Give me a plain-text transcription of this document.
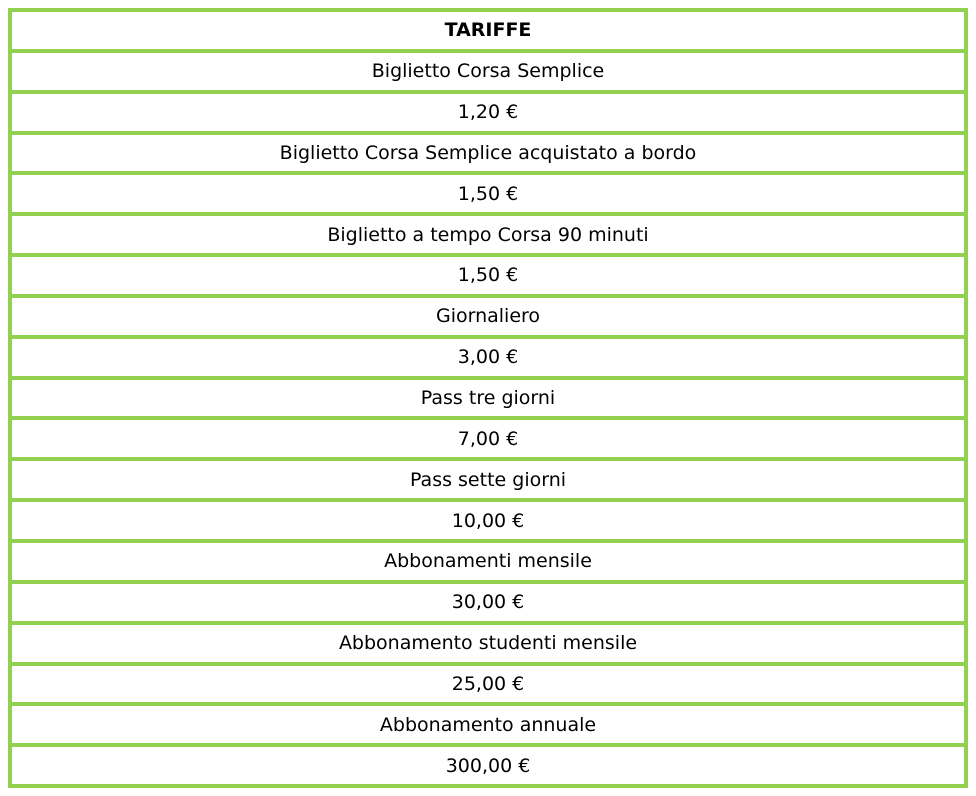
TARIFFE
Biglietto Corsa Semplice
1,20 €
Biglietto Corsa Semplice acquistato a bordo
1,50 €
Biglietto a tempo Corsa 90 minuti
1,50 €
Giornaliero
3,00 €
Pass tre giorni
7,00 €
Pass sette giorni
10,00 €
Abbonamenti mensile
30,00 €
Abbonamento studenti mensile
25,00 €
Abbonamento annuale
300,00 €
